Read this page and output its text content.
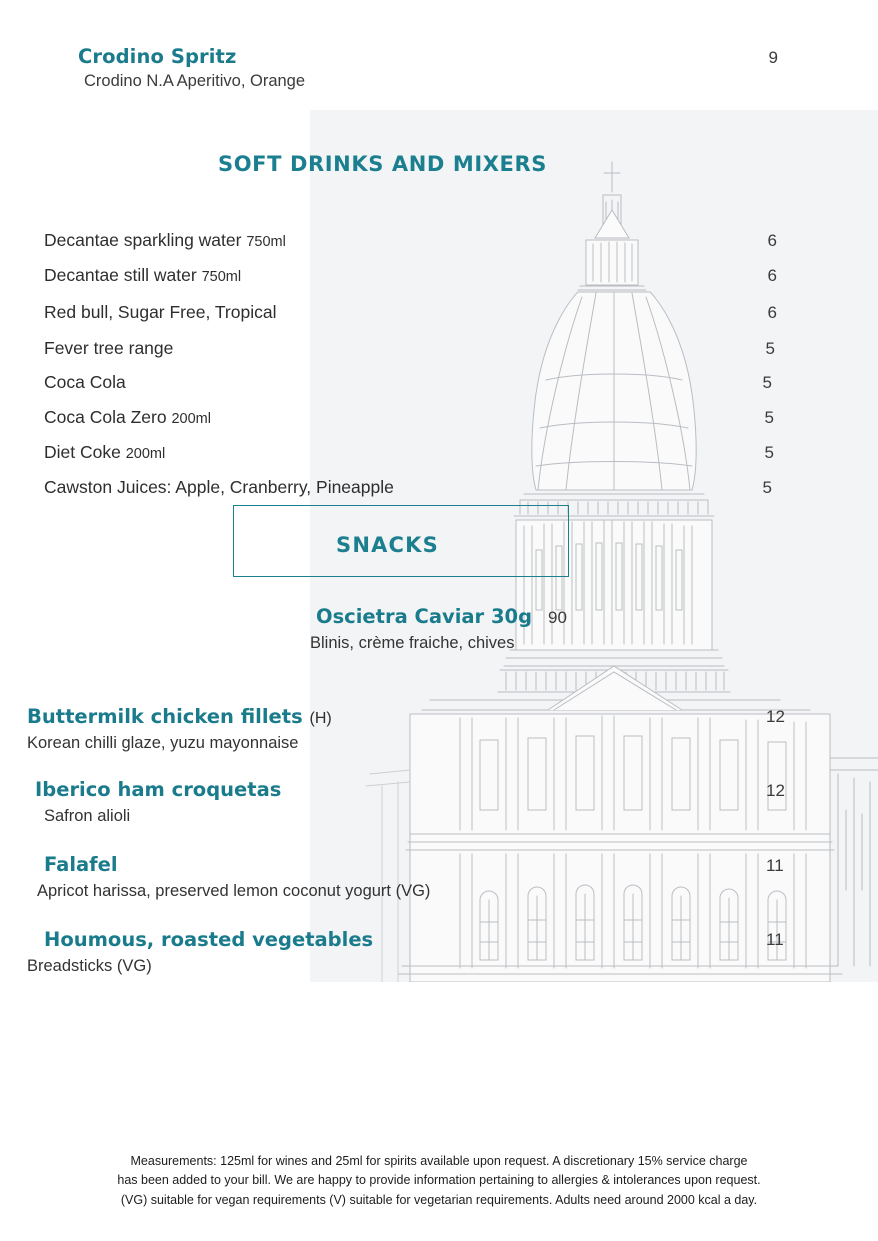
Crodino Spritz	9
Crodino N.A Aperitivo, Orange
SOFT DRINKS AND MIXERS
Decantae sparkling water 750ml	6
Decantae still water 750ml	6
Red bull, Sugar Free, Tropical	6
Fever tree range	5
Coca Cola	5
Coca Cola Zero 200ml	5
Diet Coke 200ml	5
Cawston Juices: Apple, Cranberry, Pineapple	5
SNACKS
Oscietra Caviar 30g 90
Blinis, crème fraiche, chives
Buttermilk chicken fillets (H)	12
Korean chilli glaze, yuzu mayonnaise
Iberico ham croquetas	12
Safron alioli
Falafel	11
Apricot harissa, preserved lemon coconut yogurt (VG)
Houmous, roasted vegetables	11
Breadsticks (VG)
Measurements: 125ml for wines and 25ml for spirits available upon request. A discretionary 15% service charge
has been added to your bill. We are happy to provide information pertaining to allergies & intolerances upon request.
(VG) suitable for vegan requirements (V) suitable for vegetarian requirements. Adults need around 2000 kcal a day.
